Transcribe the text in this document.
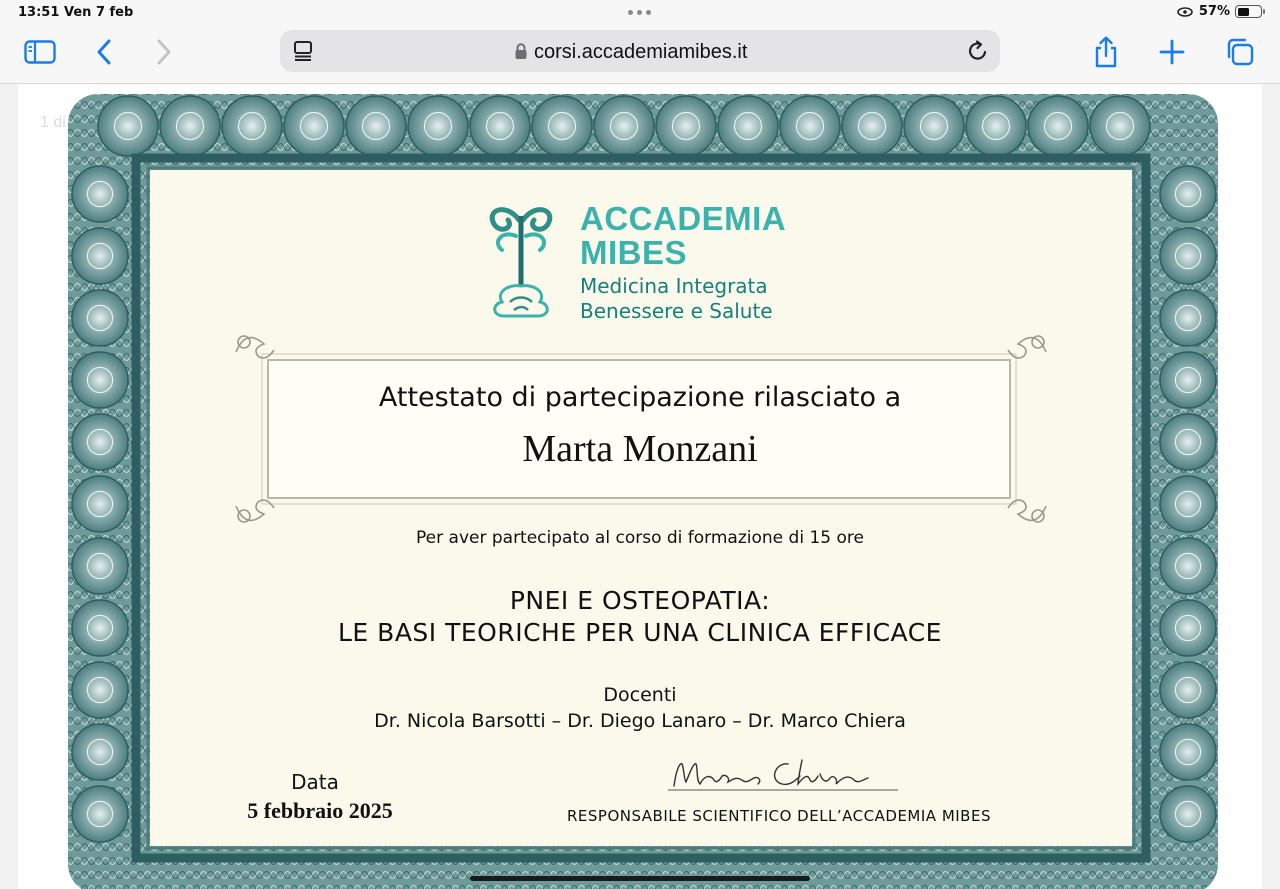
13:51 Ven 7 feb	57%
corsi.accademiamibes.it
1 di
ACCADEMIA
MIBES
Medicina Integrata
Benessere e Salute
Attestato di partecipazione rilasciato a
Marta Monzani
Per aver partecipato al corso di formazione di 15 ore
PNEI E OSTEOPATIA:
LE BASI TEORICHE PER UNA CLINICA EFFICACE
Docenti
Dr. Nicola Barsotti – Dr. Diego Lanaro – Dr. Marco Chiera
Data
5 febbraio 2025	RESPONSABILE SCIENTIFICO DELL’ACCADEMIA MIBES
